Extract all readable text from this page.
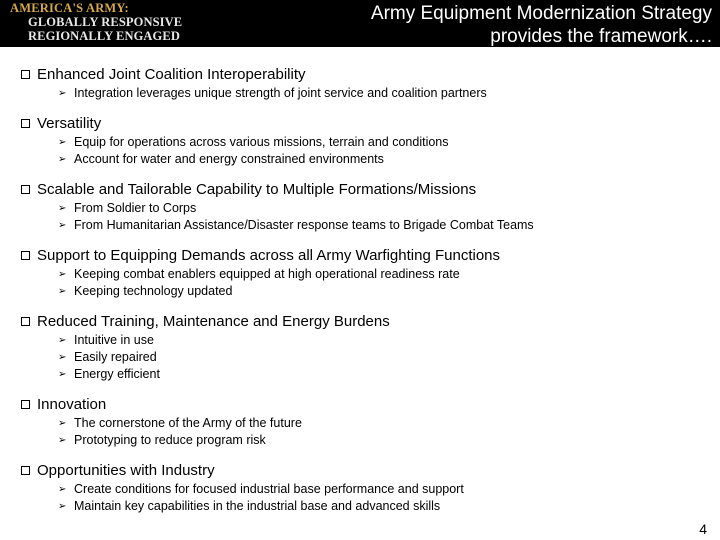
AMERICA'S ARMY:
GLOBALLY RESPONSIVE
REGIONALLY ENGAGED
Army Equipment Modernization Strategy
provides the framework….
Enhanced Joint Coalition Interoperability
➢ Integration leverages unique strength of joint service and coalition partners
Versatility
➢ Equip for operations across various missions, terrain and conditions
➢ Account for water and energy constrained environments
Scalable and Tailorable Capability to Multiple Formations/Missions
➢ From Soldier to Corps
➢ From Humanitarian Assistance/Disaster response teams to Brigade Combat Teams
Support to Equipping Demands across all Army Warfighting Functions
➢ Keeping combat enablers equipped at high operational readiness rate
➢ Keeping technology updated
Reduced Training, Maintenance and Energy Burdens
➢ Intuitive in use
➢ Easily repaired
➢ Energy efficient
Innovation
➢ The cornerstone of the Army of the future
➢ Prototyping to reduce program risk
Opportunities with Industry
➢ Create conditions for focused industrial base performance and support
➢ Maintain key capabilities in the industrial base and advanced skills
4
